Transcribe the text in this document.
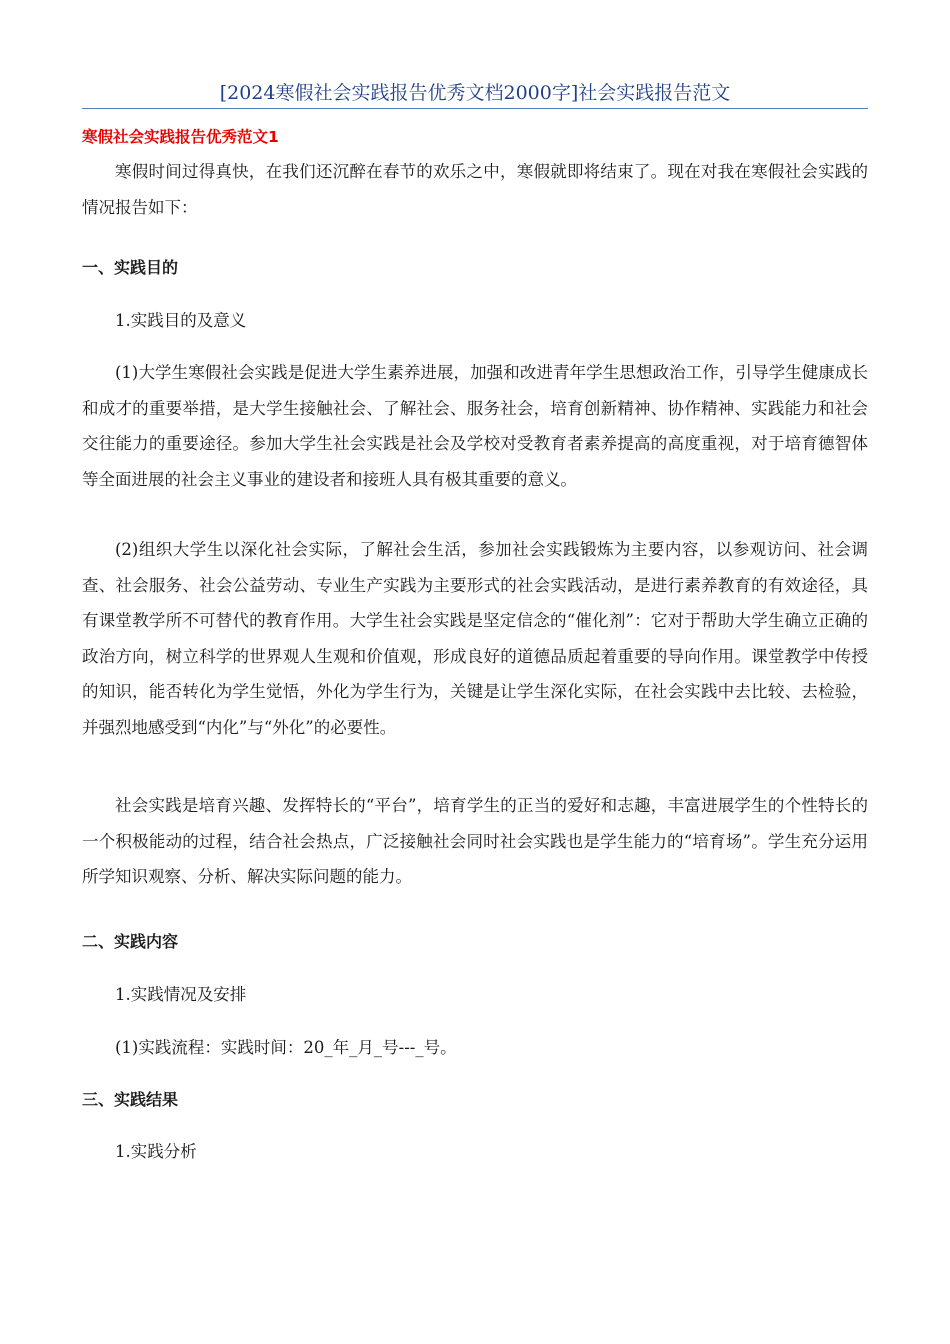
[2024寒假社会实践报告优秀文档2000字]社会实践报告范文
寒假社会实践报告优秀范文1

寒假时间过得真快，在我们还沉醉在春节的欢乐之中，寒假就即将结束了。现在对我在寒假社会实践的情况报告如下：

一、实践目的
1.实践目的及意义

(1)大学生寒假社会实践是促进大学生素养进展，加强和改进青年学生思想政治工作，引导学生健康成长和成才的重要举措，是大学生接触社会、了解社会、服务社会，培育创新精神、协作精神、实践能力和社会交往能力的重要途径。参加大学生社会实践是社会及学校对受教育者素养提高的高度重视，对于培育德智体等全面进展的社会主义事业的建设者和接班人具有极其重要的意义。

(2)组织大学生以深化社会实际，了解社会生活，参加社会实践锻炼为主要内容，以参观访问、社会调查、社会服务、社会公益劳动、专业生产实践为主要形式的社会实践活动，是进行素养教育的有效途径，具有课堂教学所不可替代的教育作用。大学生社会实践是坚定信念的“催化剂”：它对于帮助大学生确立正确的政治方向，树立科学的世界观人生观和价值观，形成良好的道德品质起着重要的导向作用。课堂教学中传授的知识，能否转化为学生觉悟，外化为学生行为，关键是让学生深化实际，在社会实践中去比较、去检验，并强烈地感受到“内化”与“外化”的必要性。

社会实践是培育兴趣、发挥特长的“平台”，培育学生的正当的爱好和志趣，丰富进展学生的个性特长的一个积极能动的过程，结合社会热点，广泛接触社会同时社会实践也是学生能力的“培育场”。学生充分运用所学知识观察、分析、解决实际问题的能力。

二、实践内容
1.实践情况及安排
(1)实践流程：实践时间：20_年_月_号---_号。
三、实践结果
1.实践分析
